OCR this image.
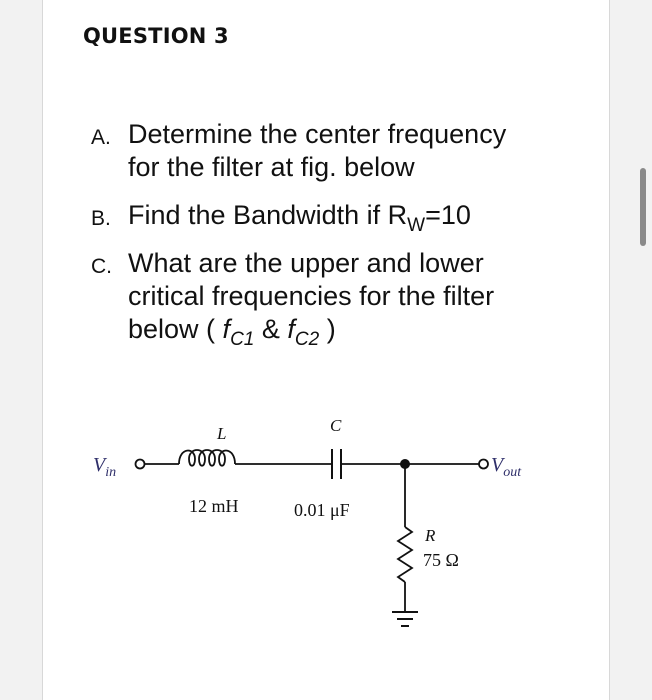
QUESTION 3
A. Determine the center frequency
for the filter at fig. below
B. Find the Bandwidth if $R_W=10$
C. What are the upper and lower
critical frequencies for the filter
below ( $f_{C1}$ & $f_{C2}$ )
$V_{in}$	$V_{out}$
L
12 mH
C
0.01 μF
R
75 Ω
